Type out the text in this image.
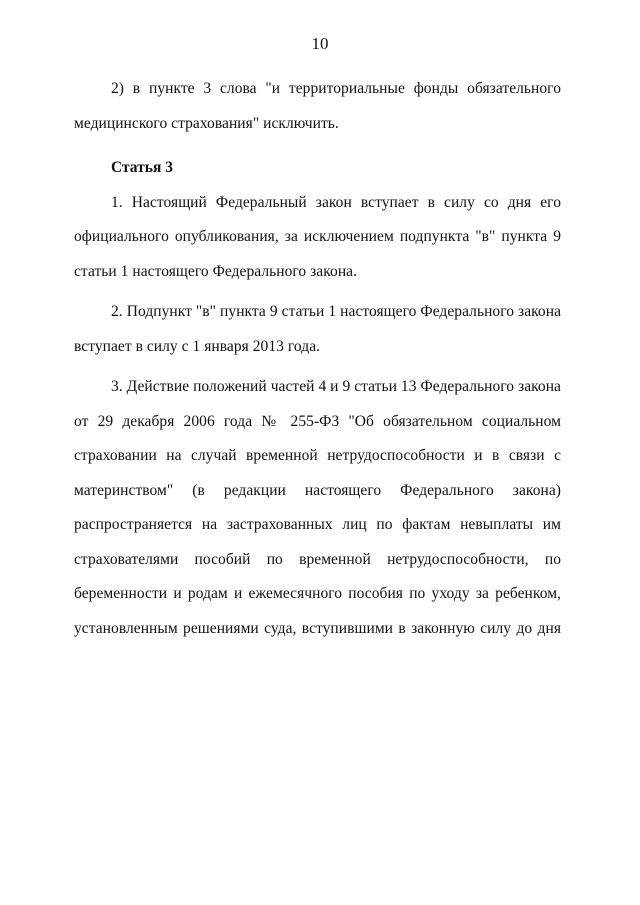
10

2) в пункте 3 слова "и территориальные фонды обязательного медицинского страхования" исключить.

Статья 3

1. Настоящий Федеральный закон вступает в силу со дня его официального опубликования, за исключением подпункта "в" пункта 9 статьи 1 настоящего Федерального закона.

2. Подпункт "в" пункта 9 статьи 1 настоящего Федерального закона вступает в силу с 1 января 2013 года.

3. Действие положений частей 4 и 9 статьи 13 Федерального закона от 29 декабря 2006 года № 255-ФЗ "Об обязательном социальном страховании на случай временной нетрудоспособности и в связи с материнством" (в редакции настоящего Федерального закона) распространяется на застрахованных лиц по фактам невыплаты им страхователями пособий по временной нетрудоспособности, по беременности и родам и ежемесячного пособия по уходу за ребенком, установленным решениями суда, вступившими в законную силу до дня
